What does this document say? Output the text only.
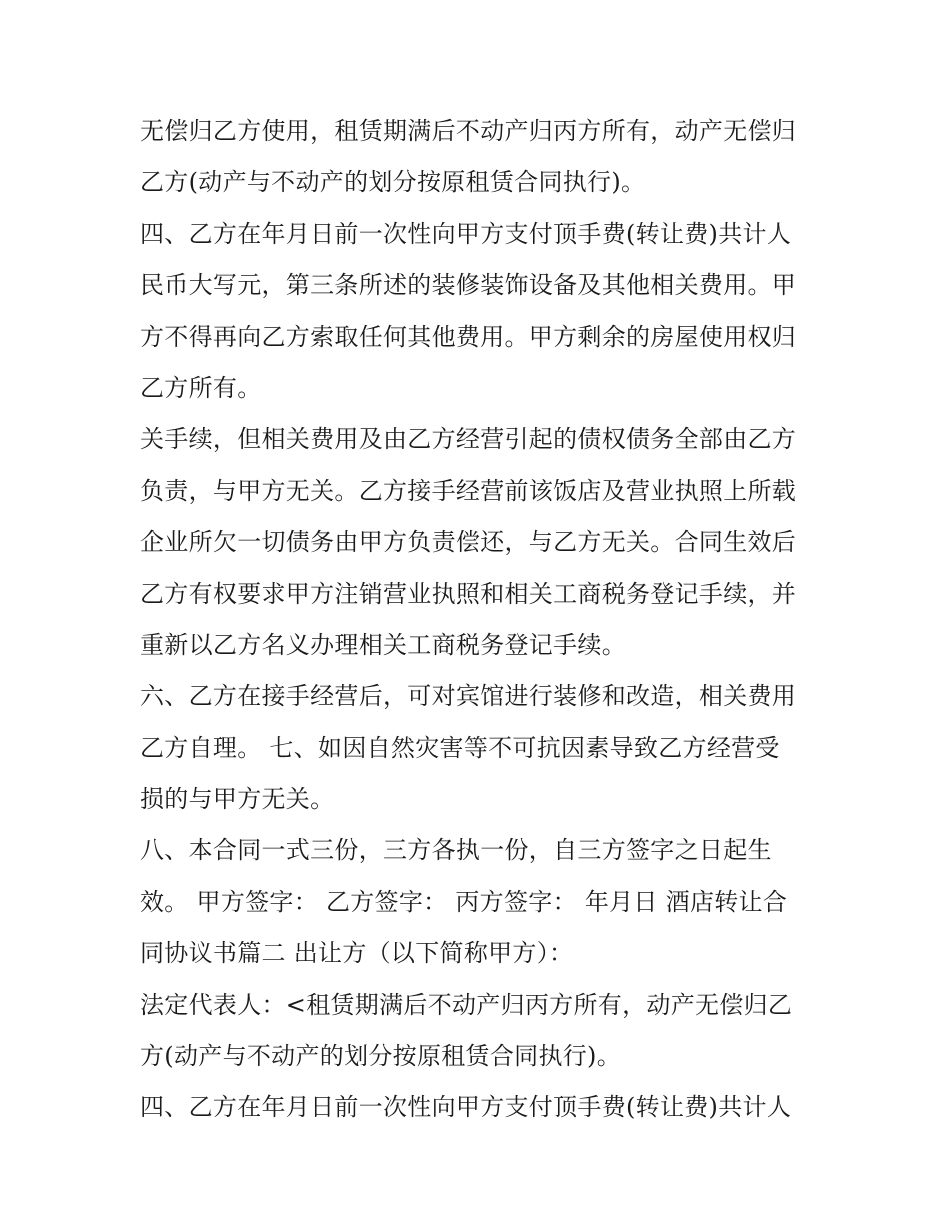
无偿归乙方使用，租赁期满后不动产归丙方所有，动产无偿归
乙方(动产与不动产的划分按原租赁合同执行)。
四、乙方在年月日前一次性向甲方支付顶手费(转让费)共计人
民币大写元，第三条所述的装修装饰设备及其他相关费用。甲
方不得再向乙方索取任何其他费用。甲方剩余的房屋使用权归
乙方所有。
关手续，但相关费用及由乙方经营引起的债权债务全部由乙方
负责，与甲方无关。乙方接手经营前该饭店及营业执照上所载
企业所欠一切债务由甲方负责偿还，与乙方无关。合同生效后
乙方有权要求甲方注销营业执照和相关工商税务登记手续，并
重新以乙方名义办理相关工商税务登记手续。
六、乙方在接手经营后，可对宾馆进行装修和改造，相关费用
乙方自理。 七、如因自然灾害等不可抗因素导致乙方经营受
损的与甲方无关。
八、本合同一式三份，三方各执一份，自三方签字之日起生
效。 甲方签字： 乙方签字： 丙方签字： 年月日 酒店转让合
同协议书篇二 出让方（以下简称甲方）：
法定代表人：<租赁期满后不动产归丙方所有，动产无偿归乙
方(动产与不动产的划分按原租赁合同执行)。
四、乙方在年月日前一次性向甲方支付顶手费(转让费)共计人
